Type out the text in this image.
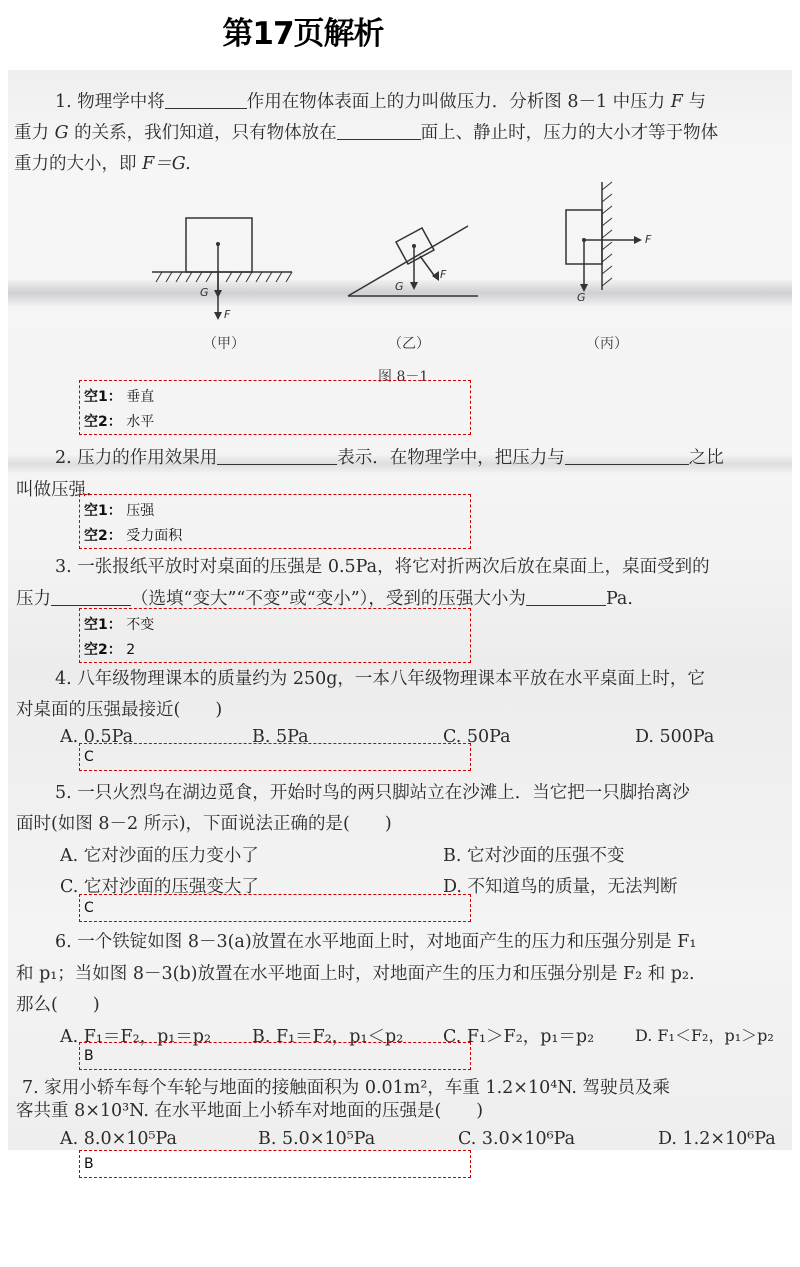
第17页解析
1. 物理学中将	作用在物体表面上的力叫做压力．分析图 8－1 中压力 F 与
重力 G 的关系，我们知道，只有物体放在	面上、静止时，压力的大小才等于物体
重力的大小，即 F＝G.
G
F
G
F
F
G
（甲）	（乙）	（丙）
图 8－1
空1： 垂直
空2： 水平
2. 压力的作用效果用	表示．在物理学中，把压力与	之比
叫做压强．
空1： 压强
空2： 受力面积
3. 一张报纸平放时对桌面的压强是 0.5Pa，将它对折两次后放在桌面上，桌面受到的
压力	（选填“变大”“不变”或“变小”），受到的压强大小为	Pa.
空1： 不变
空2： 2
4. 八年级物理课本的质量约为 250g，一本八年级物理课本平放在水平桌面上时，它
对桌面的压强最接近(　　)
A. 0.5Pa	B. 5Pa	C. 50Pa	D. 500Pa
C
5. 一只火烈鸟在湖边觅食，开始时鸟的两只脚站立在沙滩上．当它把一只脚抬离沙
面时(如图 8－2 所示)，下面说法正确的是(　　)
A. 它对沙面的压力变小了	B. 它对沙面的压强不变
C. 它对沙面的压强变大了	D. 不知道鸟的质量，无法判断
C
6. 一个铁锭如图 8－3(a)放置在水平地面上时，对地面产生的压力和压强分别是 F₁
和 p₁；当如图 8－3(b)放置在水平地面上时，对地面产生的压力和压强分别是 F₂ 和 p₂.
那么(　　)
A. F₁＝F₂，p₁＝p₂ B. F₁＝F₂，p₁＜p₂ C. F₁＞F₂，p₁＝p₂	D. F₁＜F₂，p₁＞p₂
B
7. 家用小轿车每个车轮与地面的接触面积为 0.01m²，车重 1.2×10⁴N. 驾驶员及乘
客共重 8×10³N. 在水平地面上小轿车对地面的压强是(　　)
A. 8.0×10⁵Pa	B. 5.0×10⁵Pa	C. 3.0×10⁶Pa	D. 1.2×10⁶Pa
B
